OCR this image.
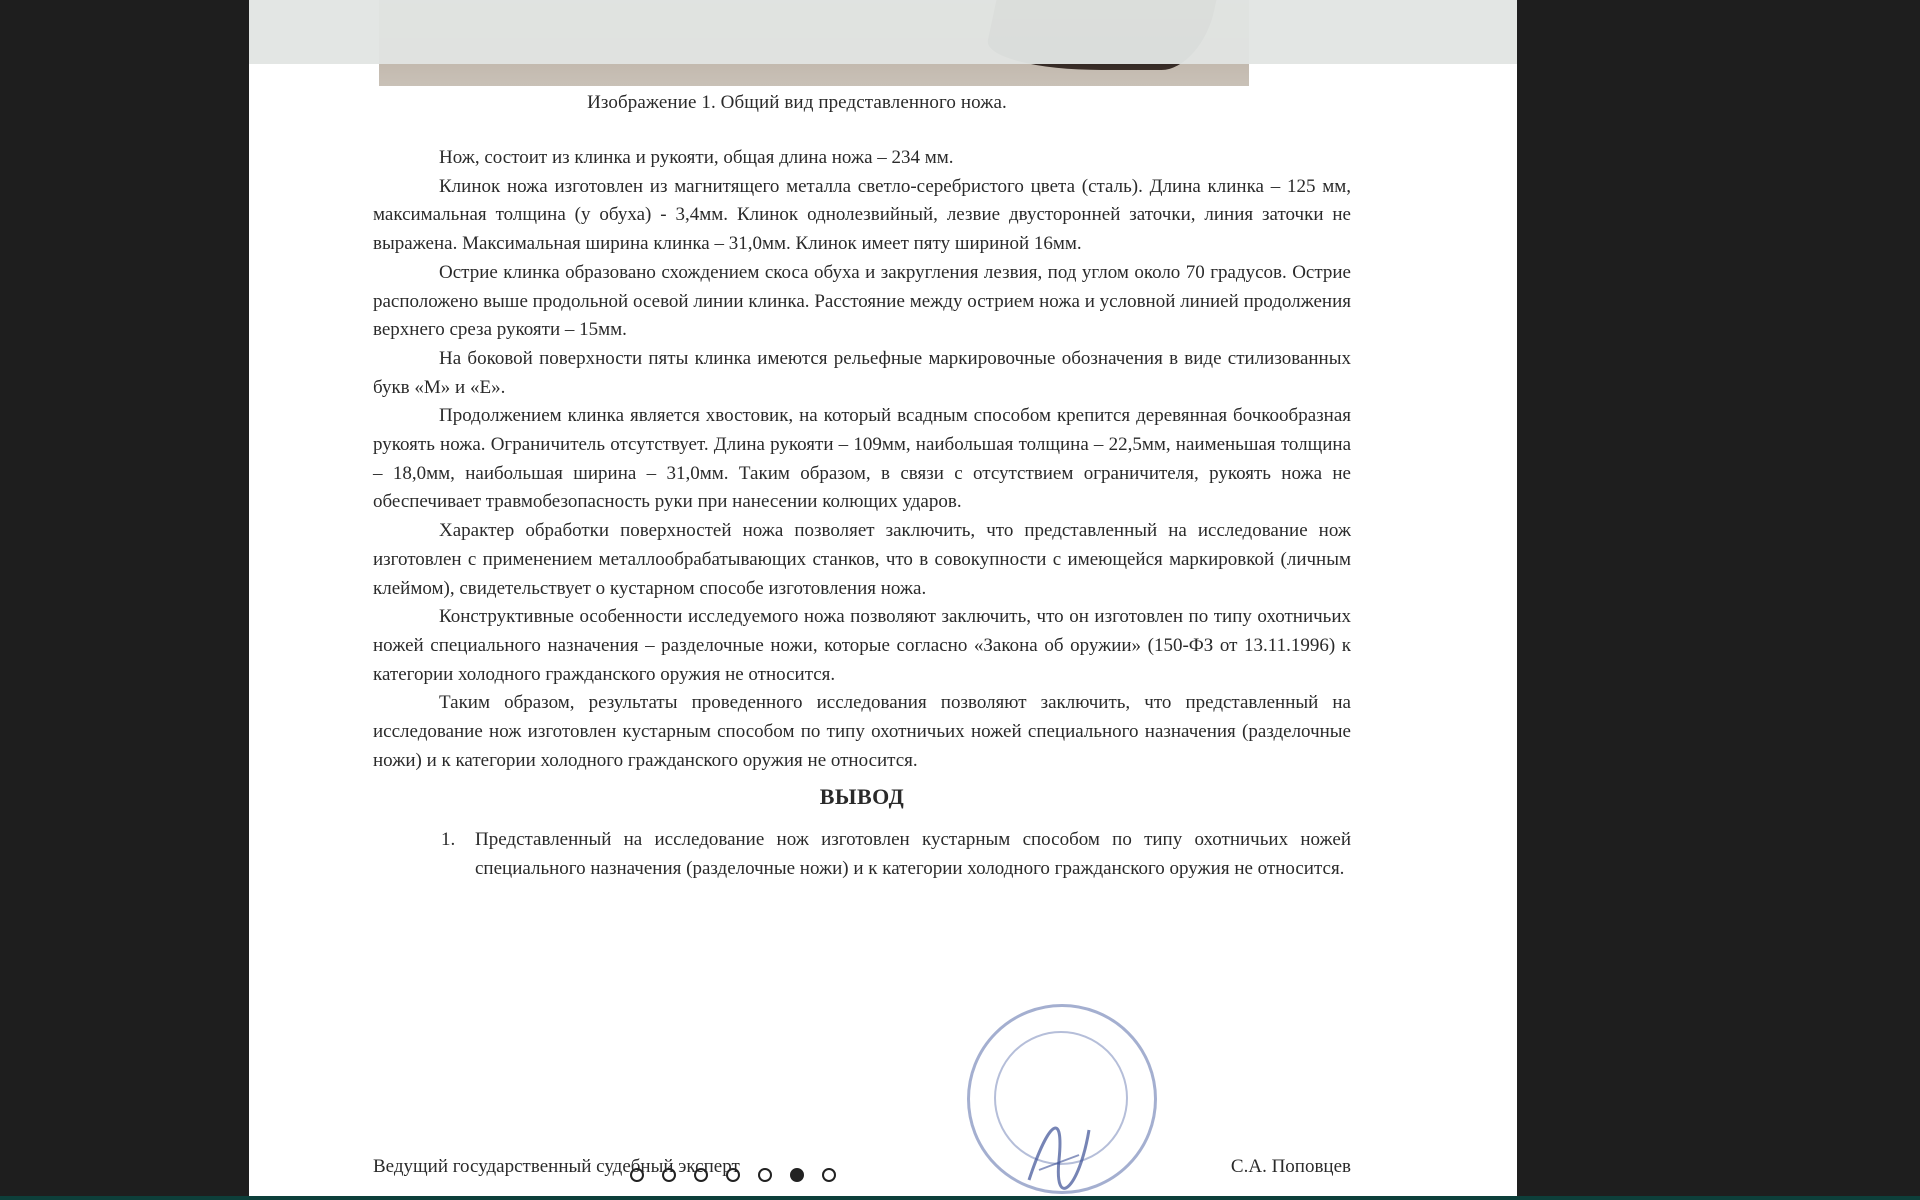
Изображение 1. Общий вид представленного ножа.

Нож, состоит из клинка и рукояти, общая длина ножа – 234 мм.

Клинок ножа изготовлен из магнитящего металла светло-серебристого цвета (сталь). Длина клинка – 125 мм, максимальная толщина (у обуха) - 3,4мм. Клинок однолезвийный, лезвие двусторонней заточки, линия заточки не выражена. Максимальная ширина клинка – 31,0мм. Клинок имеет пяту шириной 16мм.

Острие клинка образовано схождением скоса обуха и закругления лезвия, под углом около 70 градусов. Острие расположено выше продольной осевой линии клинка. Расстояние между острием ножа и условной линией продолжения верхнего среза рукояти – 15мм.

На боковой поверхности пяты клинка имеются рельефные маркировочные обозначения в виде стилизованных букв «М» и «Е».

Продолжением клинка является хвостовик, на который всадным способом крепится деревянная бочкообразная рукоять ножа. Ограничитель отсутствует. Длина рукояти – 109мм, наибольшая толщина – 22,5мм, наименьшая толщина – 18,0мм, наибольшая ширина – 31,0мм. Таким образом, в связи с отсутствием ограничителя, рукоять ножа не обеспечивает травмобезопасность руки при нанесении колющих ударов.

Характер обработки поверхностей ножа позволяет заключить, что представленный на исследование нож изготовлен с применением металлообрабатывающих станков, что в совокупности с имеющейся маркировкой (личным клеймом), свидетельствует о кустарном способе изготовления ножа.

Конструктивные особенности исследуемого ножа позволяют заключить, что он изготовлен по типу охотничьих ножей специального назначения – разделочные ножи, которые согласно «Закона об оружии» (150-ФЗ от 13.11.1996) к категории холодного гражданского оружия не относится.

Таким образом, результаты проведенного исследования позволяют заключить, что представленный на исследование нож изготовлен кустарным способом по типу охотничьих ножей специального назначения (разделочные ножи) и к категории холодного гражданского оружия не относится.

ВЫВОД
1. Представленный на исследование нож изготовлен кустарным способом по типу охотничьих ножей специального назначения (разделочные ножи) и к категории холодного гражданского оружия не относится.
Ведущий государственный судебный эксперт	С.А. Поповцев
